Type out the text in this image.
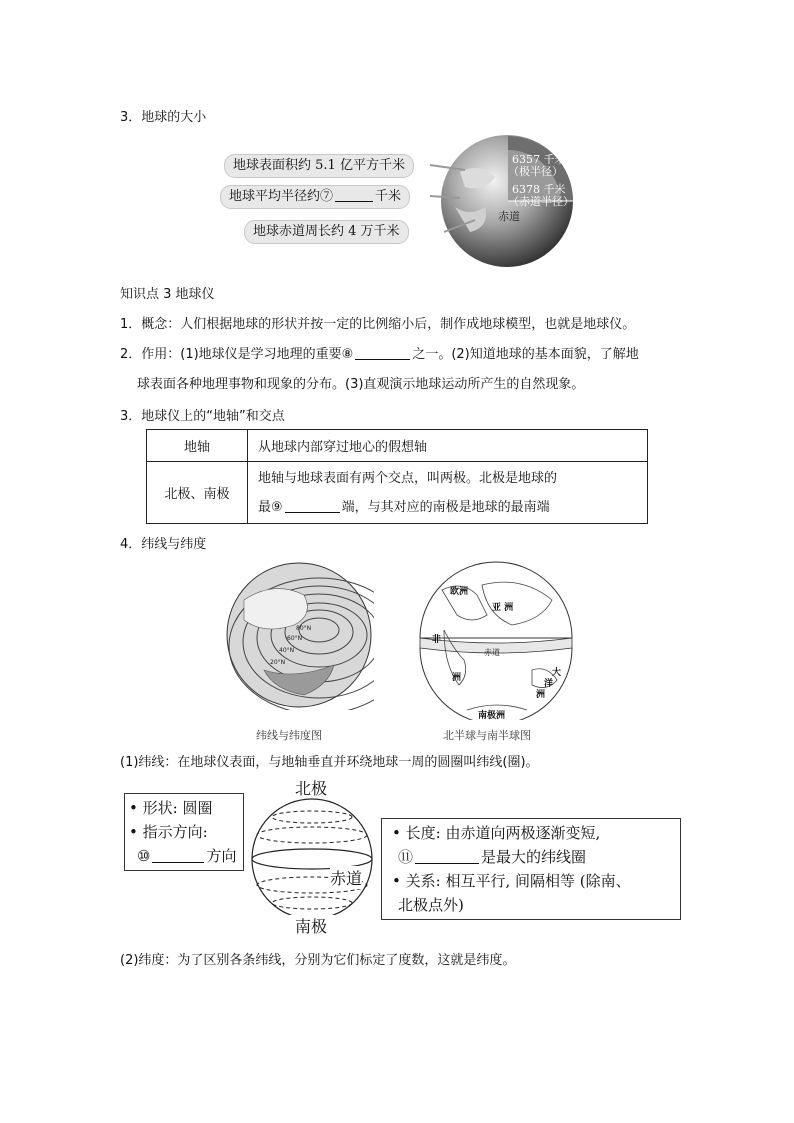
3．地球的大小
6357 千米
（极半径）
6378 千米
（赤道半径）
赤道
地球表面积约 5.1 亿平方千米
地球平均半径约⑦	千米
地球赤道周长约 4 万千米
知识点 3 地球仪
1．概念：人们根据地球的形状并按一定的比例缩小后，制作成地球模型，也就是地球仪。
2．作用：(1)地球仪是学习地理的重要⑧	之一。(2)知道地球的基本面貌，了解地
球表面各种地理事物和现象的分布。(3)直观演示地球运动所产生的自然现象。
3．地球仪上的“地轴”和交点
地轴	从地球内部穿过地心的假想轴
北极、南极	地轴与地球表面有两个交点，叫两极。北极是地球的
最⑨ 端，与其对应的南极是地球的最南端
4．纬线与纬度
80°N
60°N
40°N
20°N
欧洲
亚 洲
非
洲
赤道
大
洋
洲
南极洲
纬线与纬度图	北半球与南半球图
(1)纬线：在地球仪表面，与地轴垂直并环绕地球一周的圆圈叫纬线(圈)。
• 形状: 圆圈
• 指示方向:
⑩	方向
北极
南极
赤道
• 长度: 由赤道向两极逐渐变短,
⑪	是最大的纬线圈
• 关系: 相互平行, 间隔相等 (除南、
北极点外)
(2)纬度：为了区别各条纬线，分别为它们标定了度数，这就是纬度。
